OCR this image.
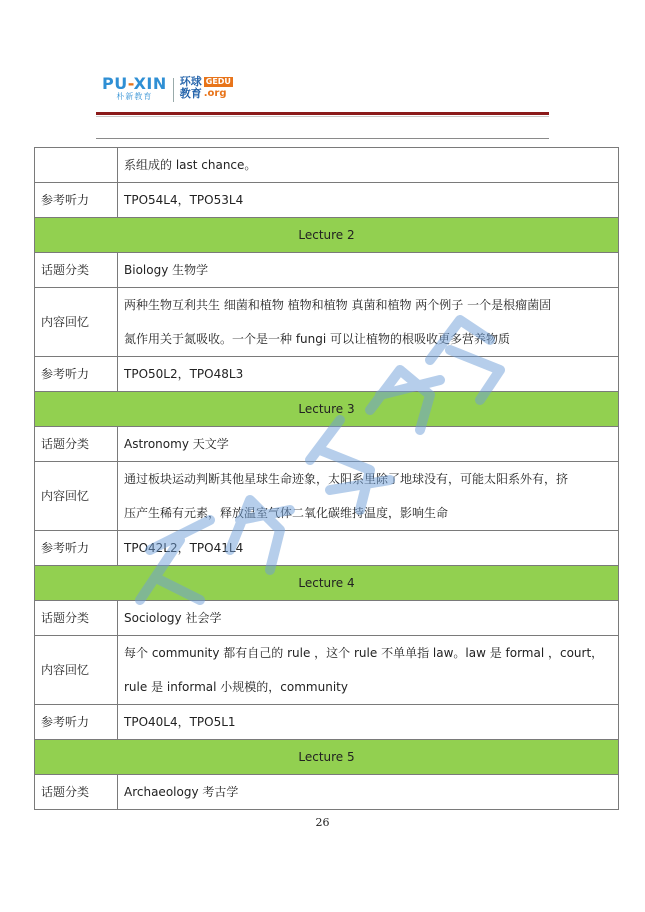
PU-XIN
朴新教育
环球 GEDU
教育 .org
	系组成的 last chance。
参考听力	TPO54L4，TPO53L4
Lecture 2	
话题分类	Biology 生物学
内容回忆	两种生物互利共生 细菌和植物 植物和植物 真菌和植物 两个例子 一个是根瘤菌固
氮作用关于氮吸收。一个是一种 fungi 可以让植物的根吸收更多营养物质

参考听力	TPO50L2，TPO48L3
Lecture 3	
话题分类	Astronomy 天文学
内容回忆	通过板块运动判断其他星球生命迹象，太阳系里除了地球没有，可能太阳系外有，挤
压产生稀有元素，释放温室气体二氧化碳维持温度，影响生命

参考听力	TPO42L2，TPO41L4
Lecture 4	
话题分类	Sociology 社会学
内容回忆	每个 community 都有自己的 rule ，这个 rule 不单单指 law。law 是 formal ，court，
rule 是 informal 小规模的，community

参考听力	TPO40L4，TPO5L1
Lecture 5	
话题分类	Archaeology 考古学
26
